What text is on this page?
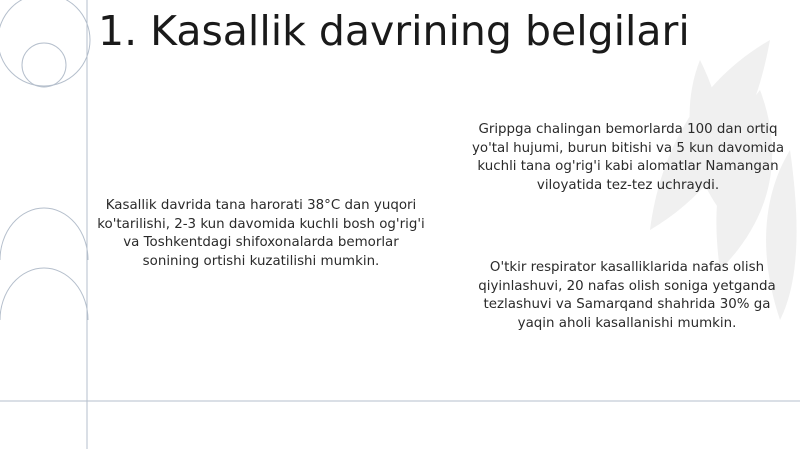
1. Kasallik davrining belgilari

Kasallik davrida tana harorati 38°C dan yuqori ko'tarilishi, 2-3 kun davomida kuchli bosh og'rig'i va Toshkentdagi shifoxonalarda bemorlar sonining ortishi kuzatilishi mumkin.

Grippga chalingan bemorlarda 100 dan ortiq yo'tal hujumi, burun bitishi va 5 kun davomida kuchli tana og'rig'i kabi alomatlar Namangan viloyatida tez-tez uchraydi.

O'tkir respirator kasalliklarida nafas olish qiyinlashuvi, 20 nafas olish soniga yetganda tezlashuvi va Samarqand shahrida 30% ga yaqin aholi kasallanishi mumkin.
